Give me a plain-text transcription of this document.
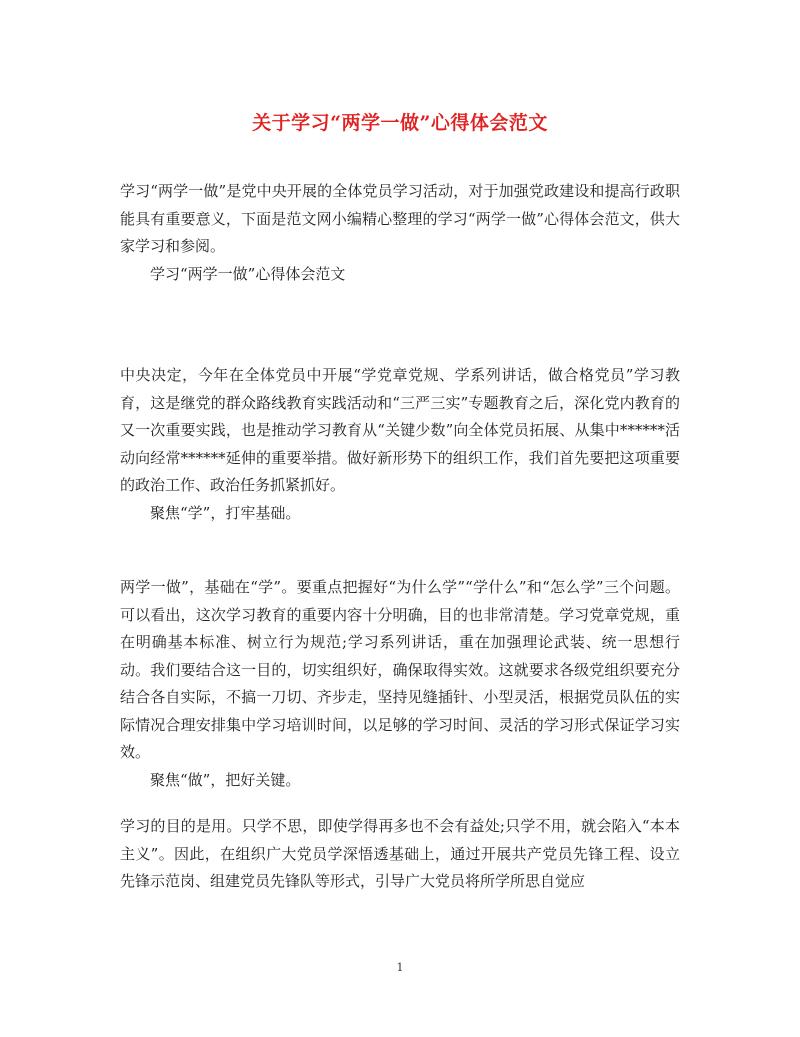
关于学习“两学一做”心得体会范文

学习“两学一做”是党中央开展的全体党员学习活动，对于加强党政建设和提高行政职能具有重要意义，下面是范文网小编精心整理的学习“两学一做”心得体会范文，供大家学习和参阅。

学习“两学一做”心得体会范文

中央决定，今年在全体党员中开展“学党章党规、学系列讲话，做合格党员”学习教育，这是继党的群众路线教育实践活动和“三严三实”专题教育之后，深化党内教育的又一次重要实践，也是推动学习教育从“关键少数”向全体党员拓展、从集中******活动向经常******延伸的重要举措。做好新形势下的组织工作，我们首先要把这项重要的政治工作、政治任务抓紧抓好。

聚焦“学”，打牢基础。

两学一做”，基础在“学”。要重点把握好“为什么学”“学什么”和“怎么学”三个问题。可以看出，这次学习教育的重要内容十分明确，目的也非常清楚。学习党章党规，重在明确基本标准、树立行为规范;学习系列讲话，重在加强理论武装、统一思想行动。我们要结合这一目的，切实组织好，确保取得实效。这就要求各级党组织要充分结合各自实际，不搞一刀切、齐步走，坚持见缝插针、小型灵活，根据党员队伍的实际情况合理安排集中学习培训时间，以足够的学习时间、灵活的学习形式保证学习实效。

聚焦“做”，把好关键。

学习的目的是用。只学不思，即使学得再多也不会有益处;只学不用，就会陷入“本本主义”。因此，在组织广大党员学深悟透基础上，通过开展共产党员先锋工程、设立先锋示范岗、组建党员先锋队等形式，引导广大党员将所学所思自觉应

1
